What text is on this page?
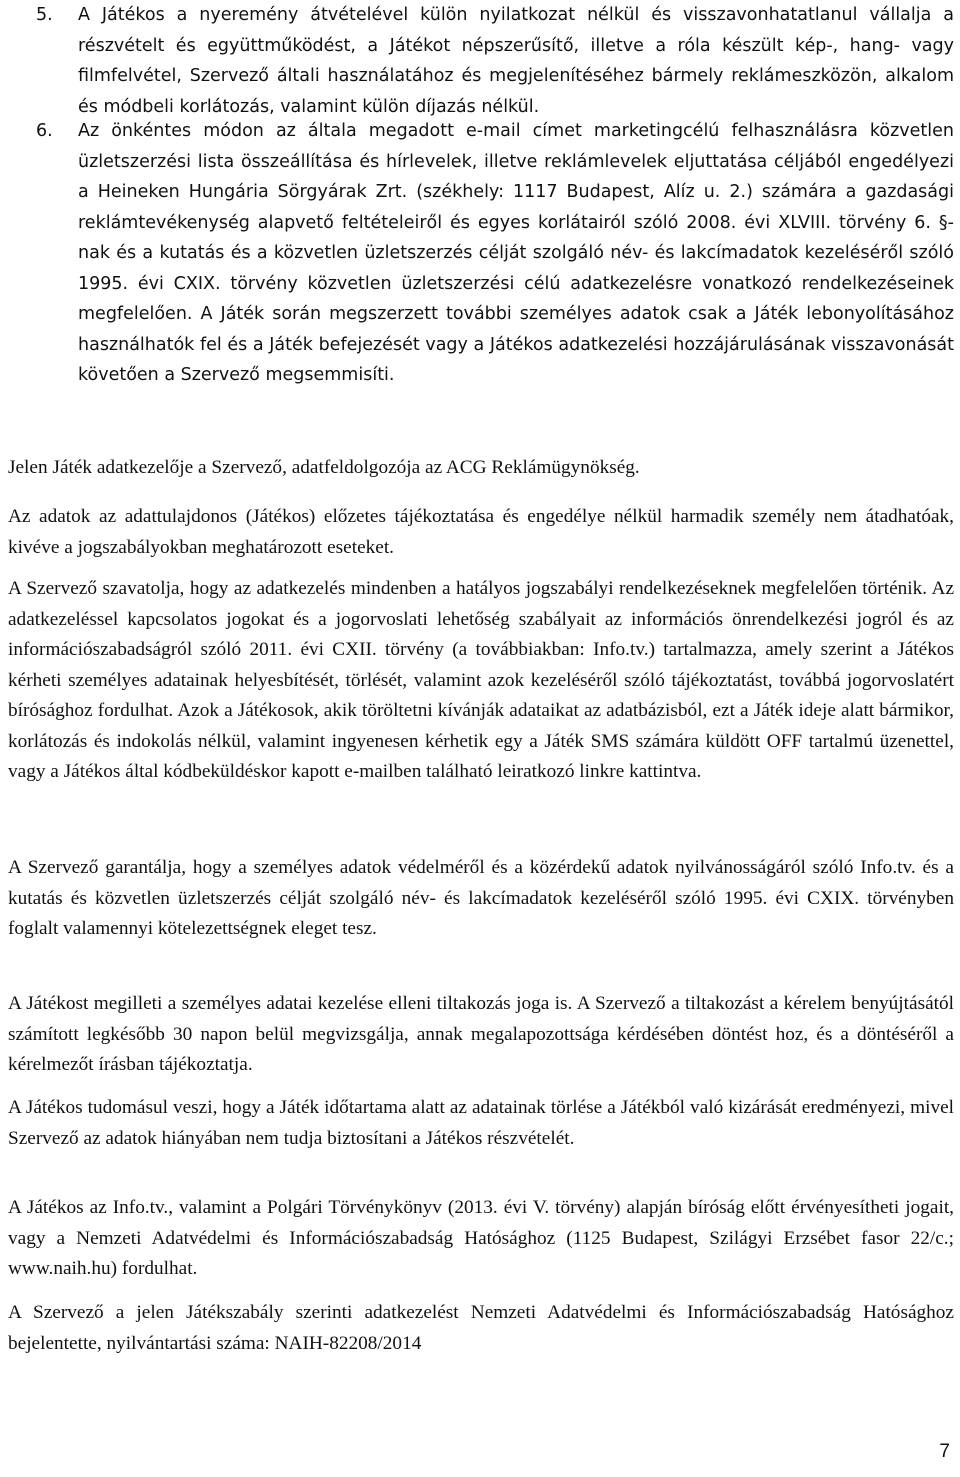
5. A Játékos a nyeremény átvételével külön nyilatkozat nélkül és visszavonhatatlanul vállalja a részvételt és együttműködést, a Játékot népszerűsítő, illetve a róla készült kép-, hang- vagy filmfelvétel, Szervező általi használatához és megjelenítéséhez bármely reklámeszközön, alkalom és módbeli korlátozás, valamint külön díjazás nélkül.
6. Az önkéntes módon az általa megadott e-mail címet marketingcélú felhasználásra közvetlen üzletszerzési lista összeállítása és hírlevelek, illetve reklámlevelek eljuttatása céljából engedélyezi a Heineken Hungária Sörgyárak Zrt. (székhely: 1117 Budapest, Alíz u. 2.) számára a gazdasági reklámtevékenység alapvető feltételeiről és egyes korlátairól szóló 2008. évi XLVIII. törvény 6. §-nak és a kutatás és a közvetlen üzletszerzés célját szolgáló név- és lakcímadatok kezeléséről szóló 1995. évi CXIX. törvény közvetlen üzletszerzési célú adatkezelésre vonatkozó rendelkezéseinek megfelelően. A Játék során megszerzett további személyes adatok csak a Játék lebonyolításához használhatók fel és a Játék befejezését vagy a Játékos adatkezelési hozzájárulásának visszavonását követően a Szervező megsemmisíti.
Jelen Játék adatkezelője a Szervező, adatfeldolgozója az ACG Reklámügynökség.
Az adatok az adattulajdonos (Játékos) előzetes tájékoztatása és engedélye nélkül harmadik személy nem átadhatóak, kivéve a jogszabályokban meghatározott eseteket.
A Szervező szavatolja, hogy az adatkezelés mindenben a hatályos jogszabályi rendelkezéseknek megfelelően történik. Az adatkezeléssel kapcsolatos jogokat és a jogorvoslati lehetőség szabályait az információs önrendelkezési jogról és az információszabadságról szóló 2011. évi CXII. törvény (a továbbiakban: Info.tv.) tartalmazza, amely szerint a Játékos kérheti személyes adatainak helyesbítését, törlését, valamint azok kezeléséről szóló tájékoztatást, továbbá jogorvoslatért bírósághoz fordulhat. Azok a Játékosok, akik töröltetni kívánják adataikat az adatbázisból, ezt a Játék ideje alatt bármikor, korlátozás és indokolás nélkül, valamint ingyenesen kérhetik egy a Játék SMS számára küldött OFF tartalmú üzenettel, vagy a Játékos által kódbeküldéskor kapott e-mailben található leiratkozó linkre kattintva.
A Szervező garantálja, hogy a személyes adatok védelméről és a közérdekű adatok nyilvánosságáról szóló Info.tv. és a kutatás és közvetlen üzletszerzés célját szolgáló név- és lakcímadatok kezeléséről szóló 1995. évi CXIX. törvényben foglalt valamennyi kötelezettségnek eleget tesz.
A Játékost megilleti a személyes adatai kezelése elleni tiltakozás joga is. A Szervező a tiltakozást a kérelem benyújtásától számított legkésőbb 30 napon belül megvizsgálja, annak megalapozottsága kérdésében döntést hoz, és a döntéséről a kérelmezőt írásban tájékoztatja.
A Játékos tudomásul veszi, hogy a Játék időtartama alatt az adatainak törlése a Játékból való kizárását eredményezi, mivel Szervező az adatok hiányában nem tudja biztosítani a Játékos részvételét.
A Játékos az Info.tv., valamint a Polgári Törvénykönyv (2013. évi V. törvény) alapján bíróság előtt érvényesítheti jogait, vagy a Nemzeti Adatvédelmi és Információszabadság Hatósághoz (1125 Budapest, Szilágyi Erzsébet fasor 22/c.; www.naih.hu) fordulhat.
A Szervező a jelen Játékszabály szerinti adatkezelést Nemzeti Adatvédelmi és Információszabadság Hatósághoz bejelentette, nyilvántartási száma: NAIH-82208/2014
7
